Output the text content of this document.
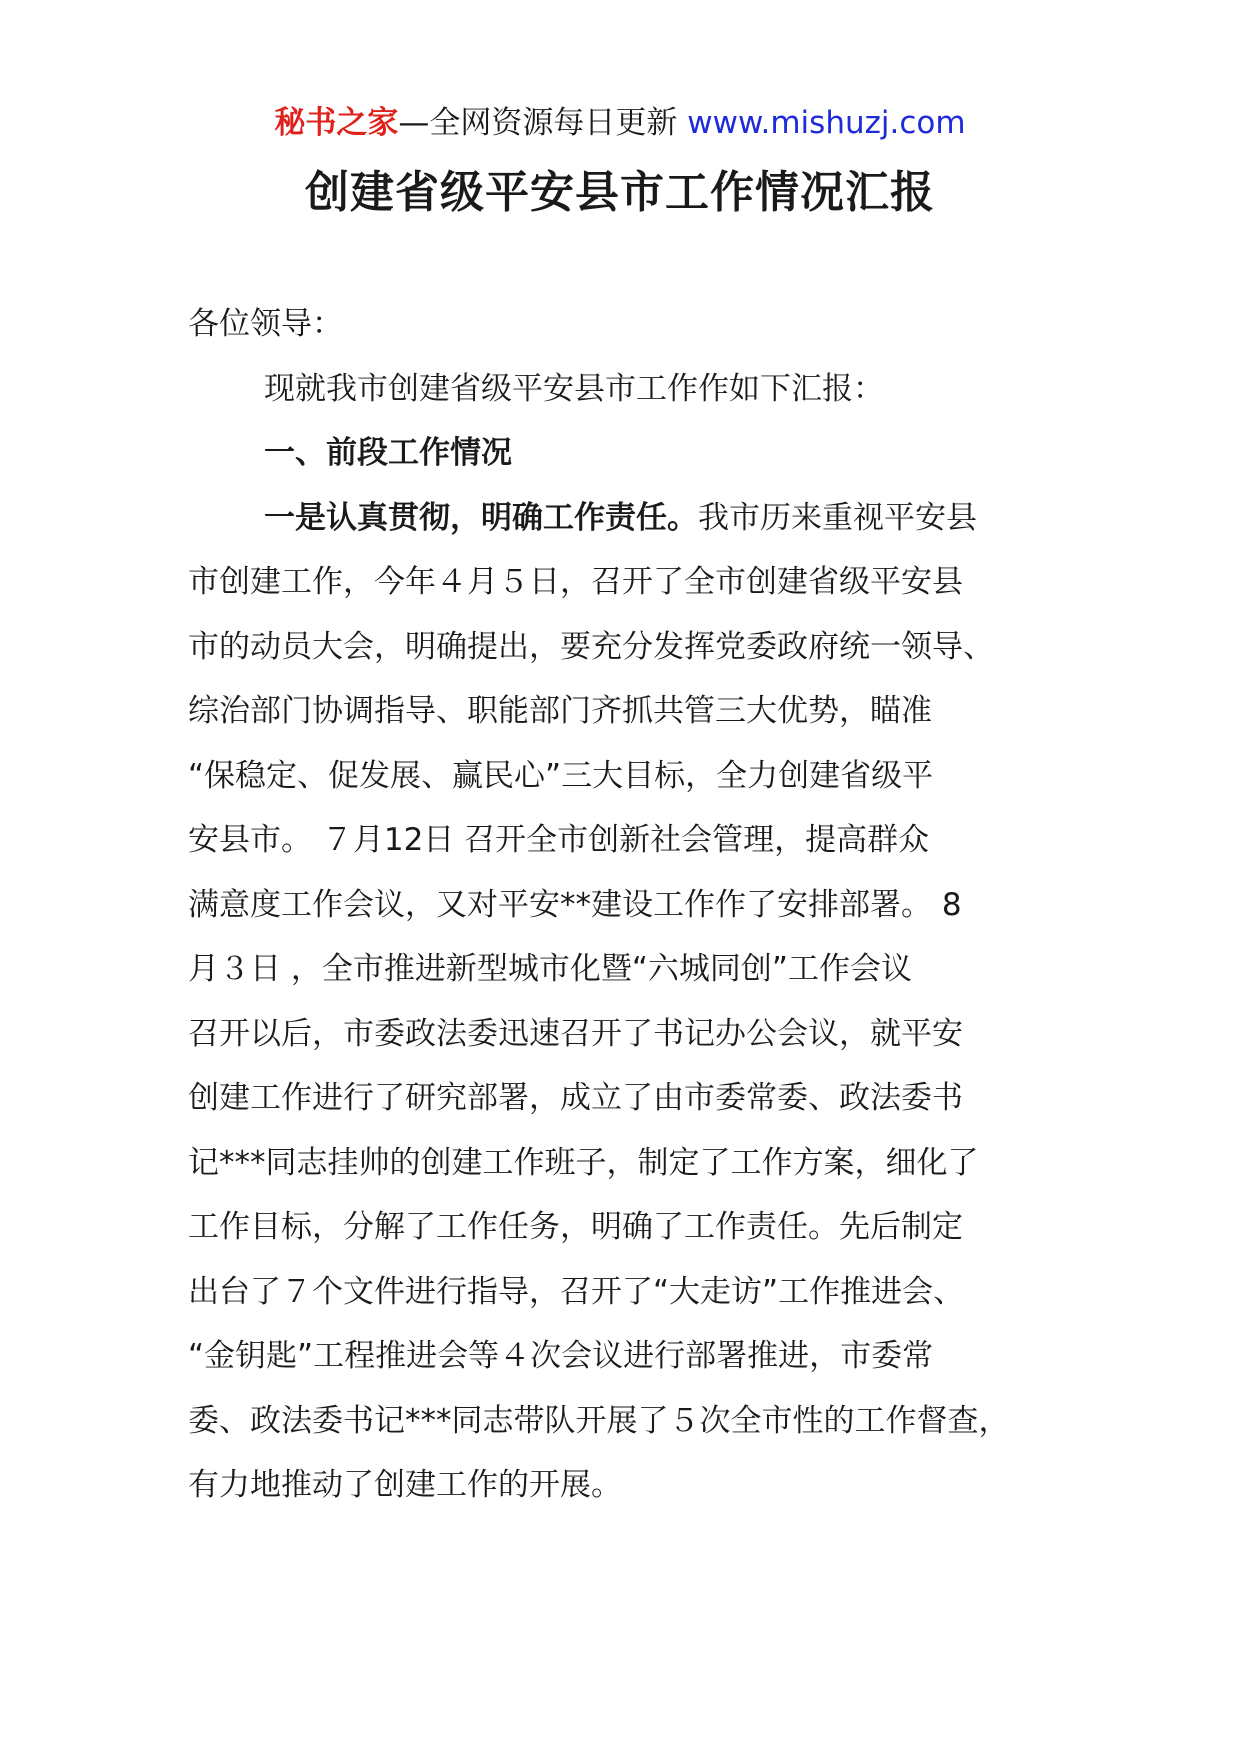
秘书之家—全网资源每日更新 www.mishuzj.com
创建省级平安县市工作情况汇报
各位领导：
现就我市创建省级平安县市工作作如下汇报：
一、前段工作情况
一是认真贯彻，明确工作责任。我市历来重视平安县
市创建工作，今年４月５日，召开了全市创建省级平安县
市的动员大会，明确提出，要充分发挥党委政府统一领导、
综治部门协调指导、职能部门齐抓共管三大优势，瞄准
“保稳定、促发展、赢民心”三大目标，全力创建省级平
安县市。 ７月12日 召开全市创新社会管理，提高群众
满意度工作会议，又对平安**建设工作作了安排部署。 8
月３日 ，全市推进新型城市化暨“六城同创”工作会议
召开以后，市委政法委迅速召开了书记办公会议，就平安
创建工作进行了研究部署，成立了由市委常委、政法委书
记***同志挂帅的创建工作班子，制定了工作方案，细化了
工作目标，分解了工作任务，明确了工作责任。先后制定
出台了７个文件进行指导，召开了“大走访”工作推进会、
“金钥匙”工程推进会等４次会议进行部署推进，市委常
委、政法委书记***同志带队开展了５次全市性的工作督查，
有力地推动了创建工作的开展。
